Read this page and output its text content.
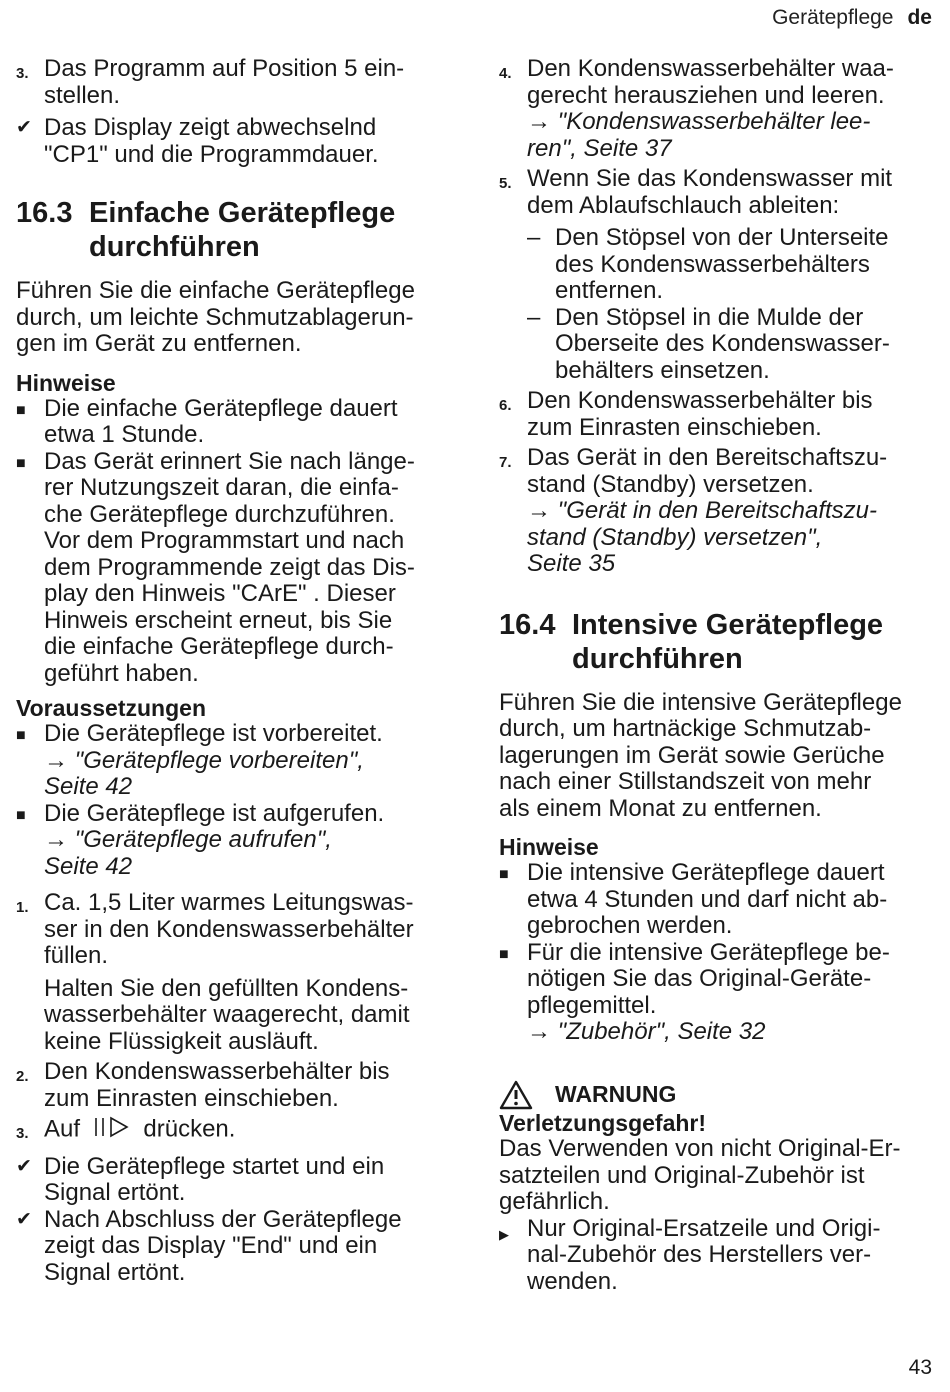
Gerätepflege de
3. Das Programm auf Position 5 ein-
stellen.
✔ Das Display zeigt abwechselnd
"CP1" und die Programmdauer.
16.3 Einfache Gerätepflege
durchführen
Führen Sie die einfache Gerätepflege
durch, um leichte Schmutzablagerun-
gen im Gerät zu entfernen.
Hinweise
■ Die einfache Gerätepflege dauert
etwa 1 Stunde.
■ Das Gerät erinnert Sie nach länge-
rer Nutzungszeit daran, die einfa-
che Gerätepflege durchzuführen.
Vor dem Programmstart und nach
dem Programmende zeigt das Dis-
play den Hinweis "CArE" . Dieser
Hinweis erscheint erneut, bis Sie
die einfache Gerätepflege durch-
geführt haben.
Voraussetzungen
■ Die Gerätepflege ist vorbereitet.
→ "Gerätepflege vorbereiten",
Seite 42
■ Die Gerätepflege ist aufgerufen.
→ "Gerätepflege aufrufen",
Seite 42
1. Ca. 1,5 Liter warmes Leitungswas-
ser in den Kondenswasserbehälter
füllen.
Halten Sie den gefüllten Kondens-
wasserbehälter waagerecht, damit
keine Flüssigkeit ausläuft.
2. Den Kondenswasserbehälter bis
zum Einrasten einschieben.
3. Auf	drücken.
✔ Die Gerätepflege startet und ein
Signal ertönt.
✔ Nach Abschluss der Gerätepflege
zeigt das Display "End" und ein
Signal ertönt.
4. Den Kondenswasserbehälter waa-
gerecht herausziehen und leeren.
→ "Kondenswasserbehälter lee-
ren", Seite 37
5. Wenn Sie das Kondenswasser mit
dem Ablaufschlauch ableiten:
– Den Stöpsel von der Unterseite
des Kondenswasserbehälters
entfernen.
– Den Stöpsel in die Mulde der
Oberseite des Kondenswasser-
behälters einsetzen.
6. Den Kondenswasserbehälter bis
zum Einrasten einschieben.
7. Das Gerät in den Bereitschaftszu-
stand (Standby) versetzen.
→ "Gerät in den Bereitschaftszu-
stand (Standby) versetzen",
Seite 35
16.4 Intensive Gerätepflege
durchführen
Führen Sie die intensive Gerätepflege
durch, um hartnäckige Schmutzab-
lagerungen im Gerät sowie Gerüche
nach einer Stillstandszeit von mehr
als einem Monat zu entfernen.
Hinweise
■ Die intensive Gerätepflege dauert
etwa 4 Stunden und darf nicht ab-
gebrochen werden.
■ Für die intensive Gerätepflege be-
nötigen Sie das Original-Geräte-
pflegemittel.
→ "Zubehör", Seite 32
WARNUNG
Verletzungsgefahr!
Das Verwenden von nicht Original-Er-
satzteilen und Original-Zubehör ist
gefährlich.
▶ Nur Original-Ersatzeile und Origi-
nal-Zubehör des Herstellers ver-
wenden.
43
